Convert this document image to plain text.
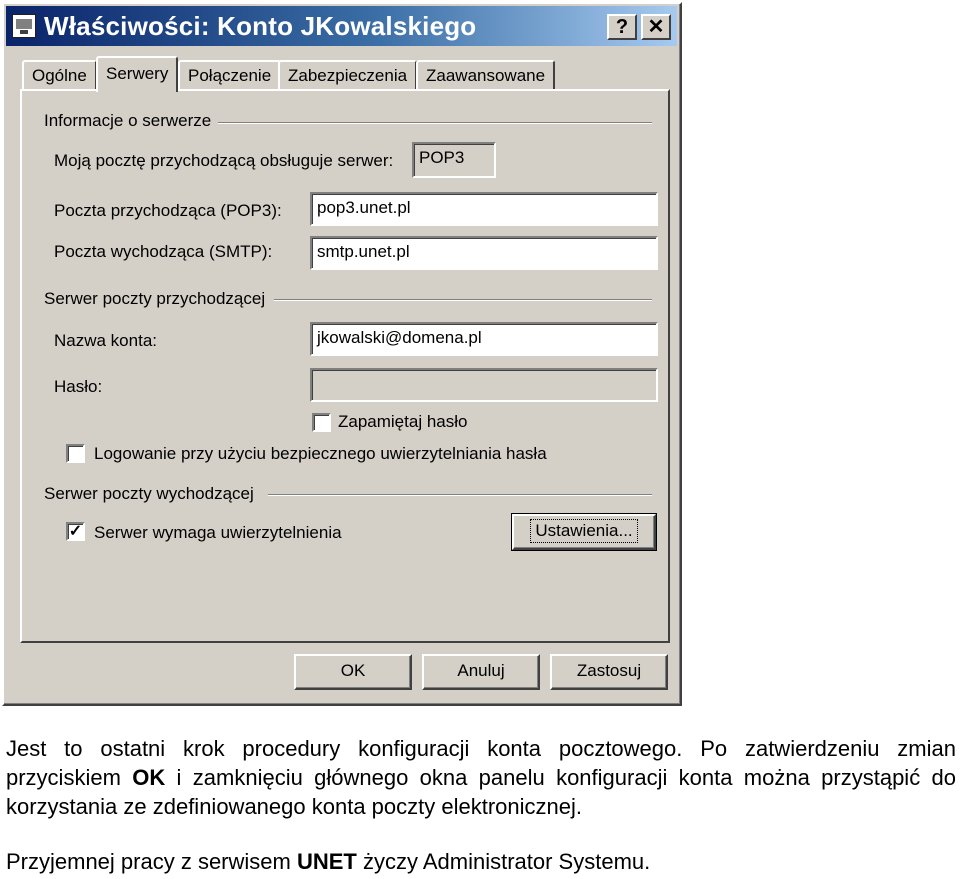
Właściwości: Konto JKowalskiego	? ✕
Ogólne	Serwery	Połączenie Zabezpieczenia	Zaawansowane
Informacje o serwerze
Moją pocztę przychodzącą obsługuje serwer:	POP3
Poczta przychodząca (POP3):	pop3.unet.pl
Poczta wychodząca (SMTP):	smtp.unet.pl
Serwer poczty przychodzącej
Nazwa konta:	jkowalski@domena.pl
Hasło:
Zapamiętaj hasło
Logowanie przy użyciu bezpiecznego uwierzytelniania hasła
Serwer poczty wychodzącej
✓ Serwer wymaga uwierzytelnienia	Ustawienia...
OK	Anuluj	Zastosuj

Jest to ostatni krok procedury konfiguracji konta pocztowego. Po zatwierdzeniu zmian przyciskiem OK i zamknięciu głównego okna panelu konfiguracji konta można przystąpić do korzystania ze zdefiniowanego konta poczty elektronicznej.

Przyjemnej pracy z serwisem UNET życzy Administrator Systemu.
